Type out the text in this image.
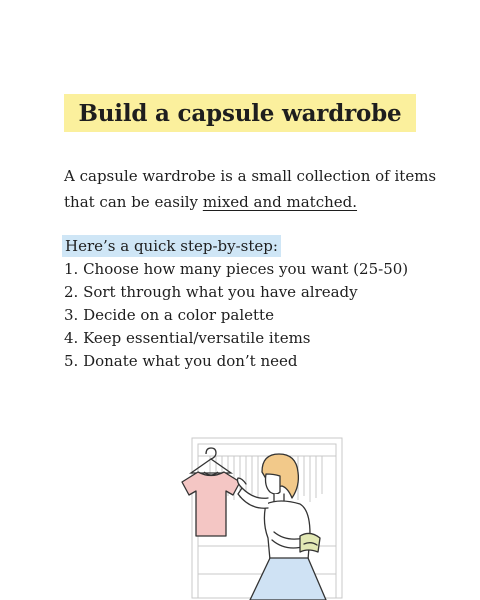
Build a capsule wardrobe
A capsule wardrobe is a small collection of items that can be easily mixed and matched.
Here’s a quick step-by-step:
1. Choose how many pieces you want (25-50)
2. Sort through what you have already
3. Decide on a color palette
4. Keep essential/versatile items
5. Donate what you don’t need
